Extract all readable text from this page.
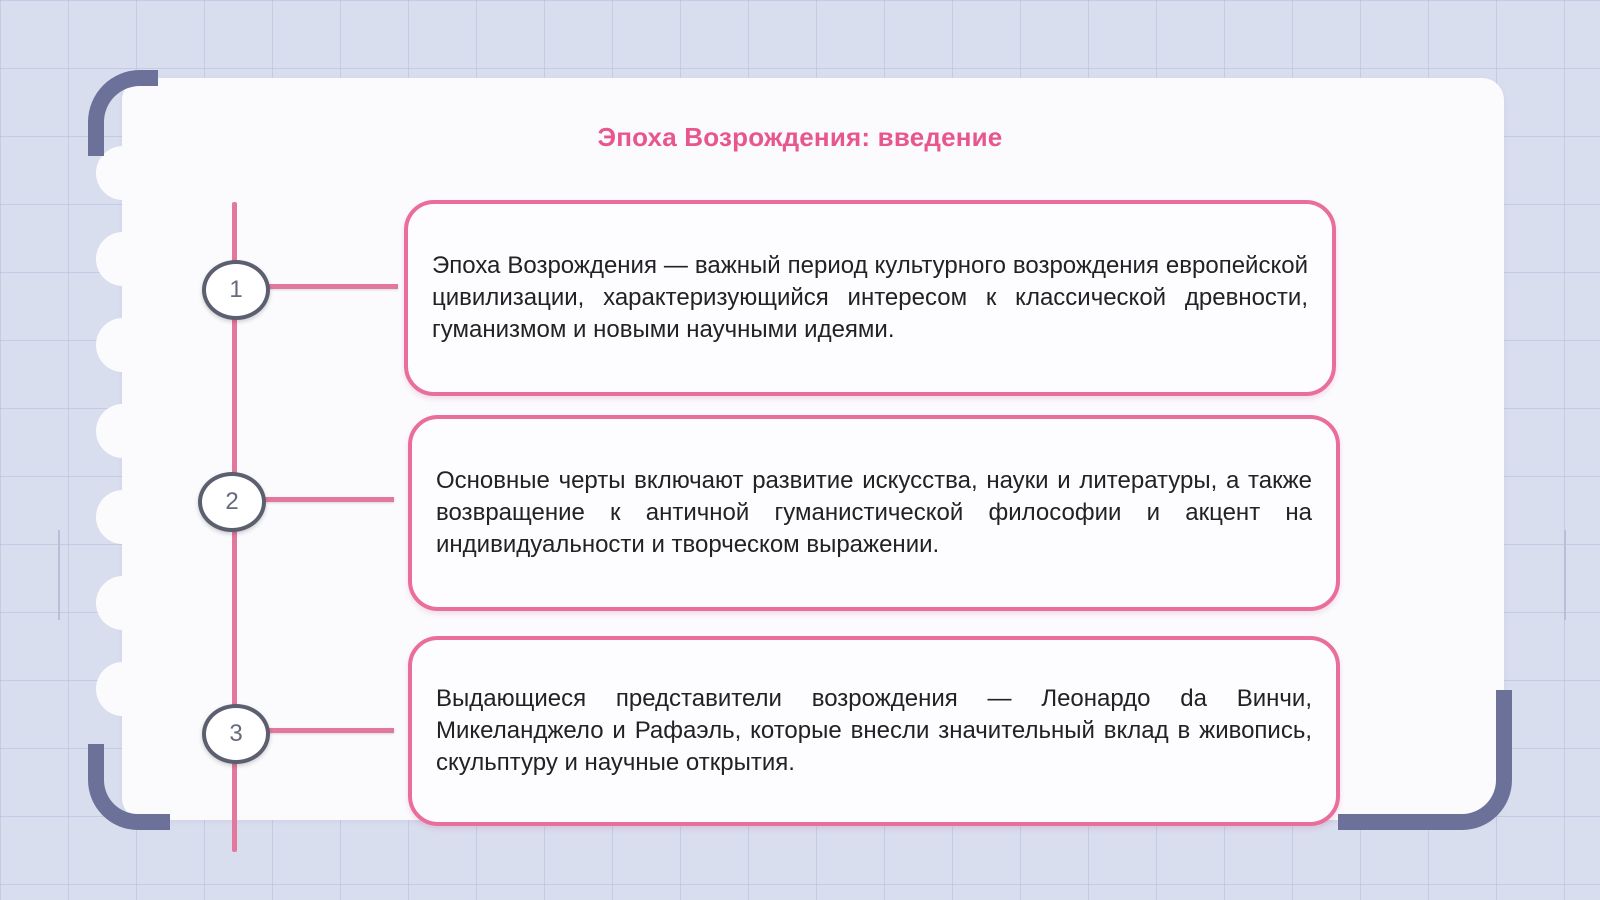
Эпоха Возрождения: введение
1
2
3
Эпоха Возрождения — важный период культурного возрождения европейской цивилизации, характеризующийся интересом к классической древности, гуманизмом и новыми научными идеями.
Основные черты включают развитие искусства, науки и литературы, а также возвращение к античной гуманистической философии и акцент на индивидуальности и творческом выражении.
Выдающиеся представители возрождения — Леонардо da Винчи, Микеланджело и Рафаэль, которые внесли значительный вклад в живопись, скульптуру и научные открытия.
